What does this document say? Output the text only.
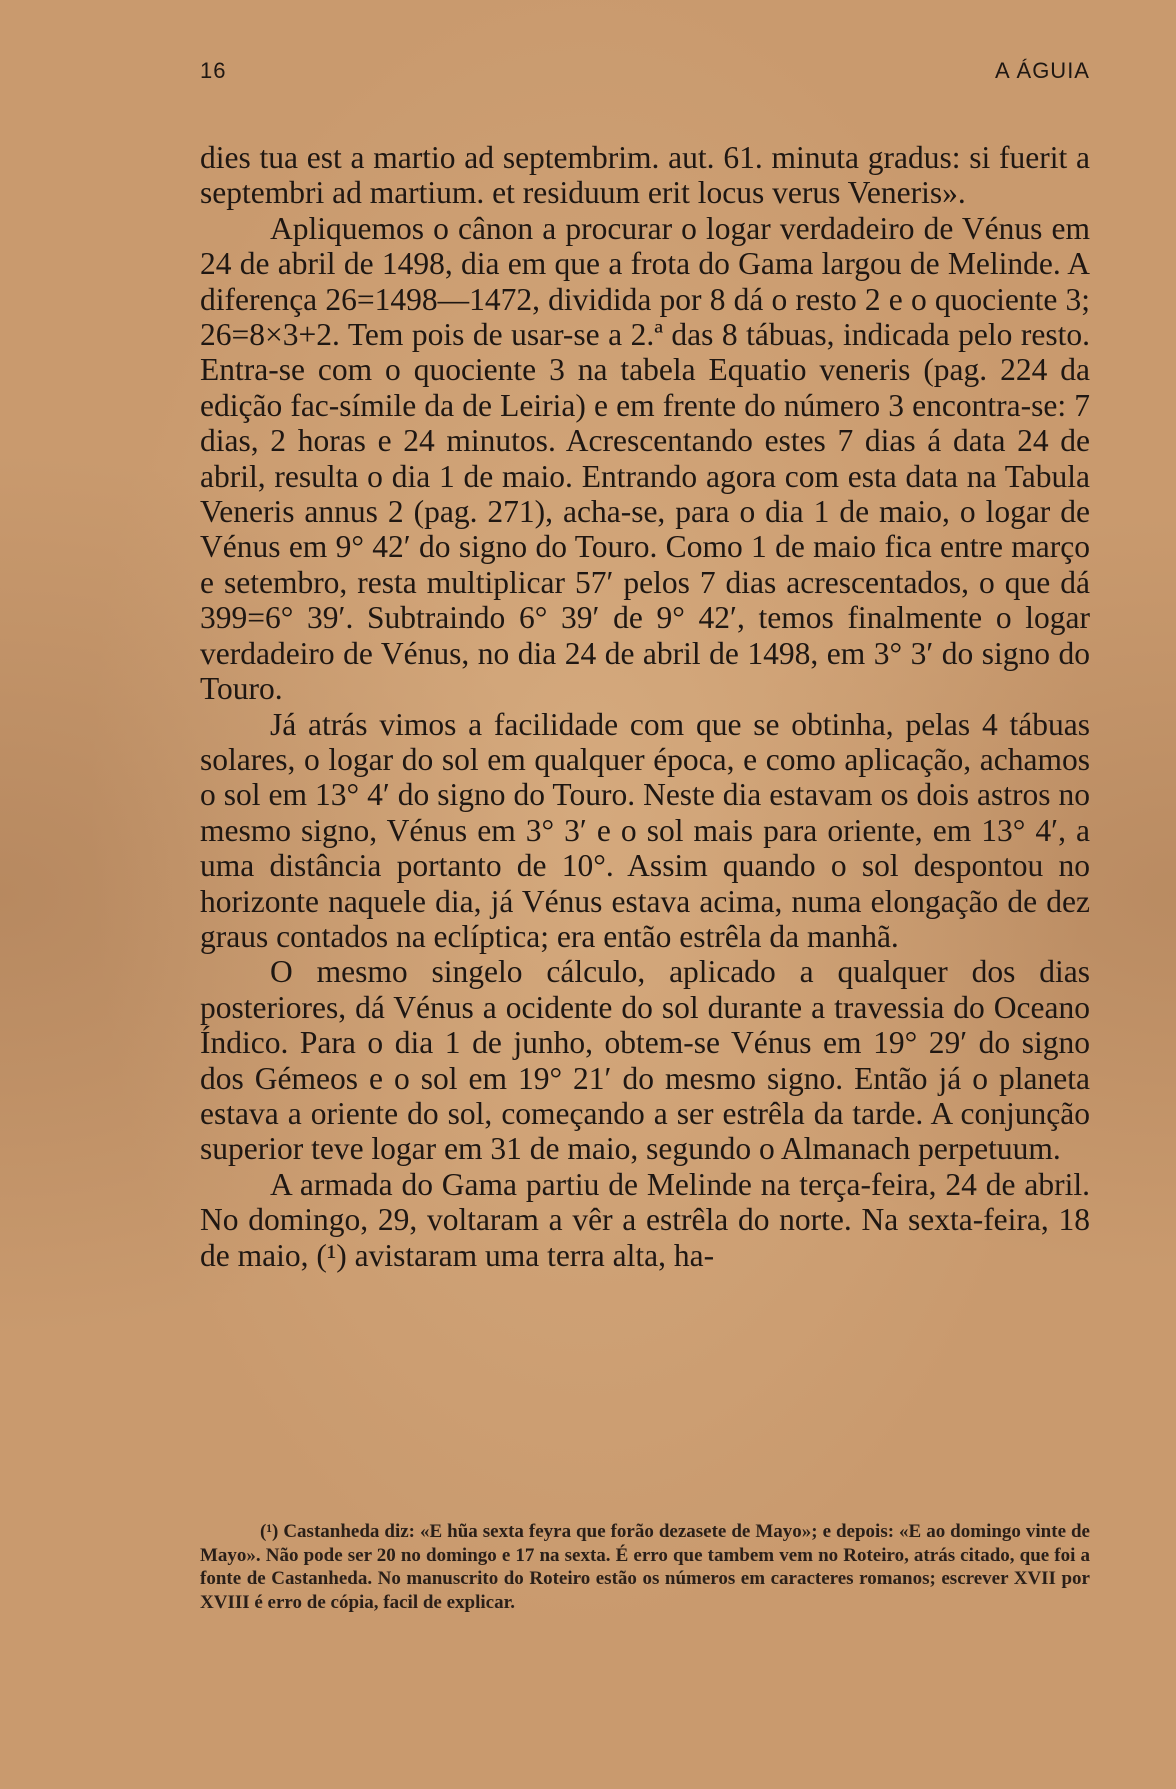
16	A ÁGUIA

dies tua est a martio ad septembrim. aut. 61. minuta gradus: si fuerit a septembri ad martium. et residuum erit locus verus Veneris».

Apliquemos o cânon a procurar o logar verdadeiro de Vénus em 24 de abril de 1498, dia em que a frota do Gama largou de Melinde. A diferença 26=1498—1472, dividida por 8 dá o resto 2 e o quociente 3; 26=8×3+2. Tem pois de usar-se a 2.ª das 8 tábuas, indicada pelo resto. Entra-se com o quociente 3 na tabela Equatio veneris (pag. 224 da edição fac-símile da de Leiria) e em frente do número 3 encontra-se: 7 dias, 2 horas e 24 minutos. Acrescentando estes 7 dias á data 24 de abril, resulta o dia 1 de maio. Entrando agora com esta data na Tabula Veneris annus 2 (pag. 271), acha-se, para o dia 1 de maio, o logar de Vénus em 9° 42′ do signo do Touro. Como 1 de maio fica entre março e setembro, resta multiplicar 57′ pelos 7 dias acrescentados, o que dá 399=6° 39′. Subtraindo 6° 39′ de 9° 42′, temos finalmente o logar verdadeiro de Vénus, no dia 24 de abril de 1498, em 3° 3′ do signo do Touro.

Já atrás vimos a facilidade com que se obtinha, pelas 4 tábuas solares, o logar do sol em qualquer época, e como aplicação, achamos o sol em 13° 4′ do signo do Touro. Neste dia estavam os dois astros no mesmo signo, Vénus em 3° 3′ e o sol mais para oriente, em 13° 4′, a uma distância portanto de 10°. Assim quando o sol despontou no horizonte naquele dia, já Vénus estava acima, numa elongação de dez graus contados na eclíptica; era então estrêla da manhã.

O mesmo singelo cálculo, aplicado a qualquer dos dias posteriores, dá Vénus a ocidente do sol durante a travessia do Oceano Índico. Para o dia 1 de junho, obtem-se Vénus em 19° 29′ do signo dos Gémeos e o sol em 19° 21′ do mesmo signo. Então já o planeta estava a oriente do sol, começando a ser estrêla da tarde. A conjunção superior teve logar em 31 de maio, segundo o Almanach perpetuum.

A armada do Gama partiu de Melinde na terça-feira, 24 de abril. No domingo, 29, voltaram a vêr a estrêla do norte. Na sexta-feira, 18 de maio, (¹) avistaram uma terra alta, ha-

(¹) Castanheda diz: «E hũa sexta feyra que forão dezasete de Mayo»; e depois: «E ao domingo vinte de Mayo». Não pode ser 20 no domingo e 17 na sexta. É erro que tambem vem no Roteiro, atrás citado, que foi a fonte de Castanheda. No manuscrito do Roteiro estão os números em caracteres romanos; escrever XVII por XVIII é erro de cópia, facil de explicar.
